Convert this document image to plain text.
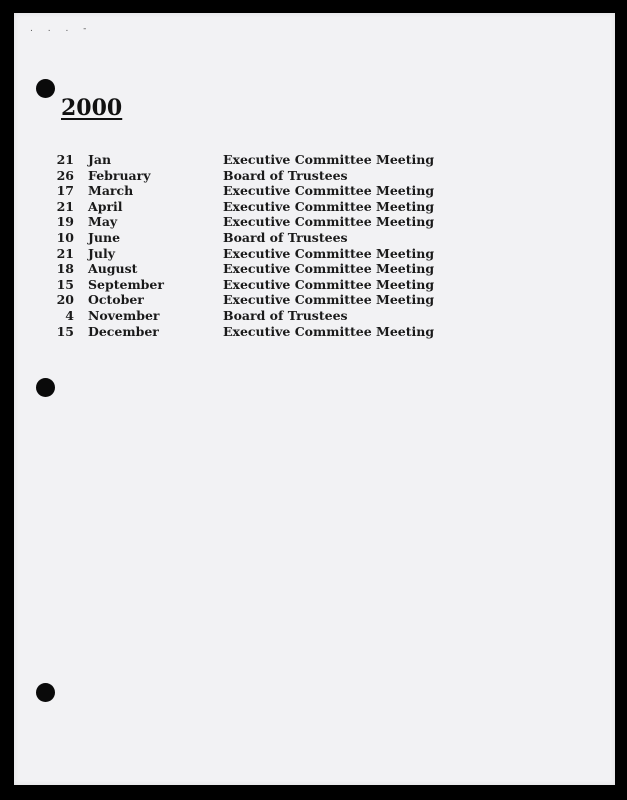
. . . -
2000
21 Jan	Executive Committee Meeting
26 February	Board of Trustees
17 March	Executive Committee Meeting
21 April	Executive Committee Meeting
19 May	Executive Committee Meeting
10 June	Board of Trustees
21 July	Executive Committee Meeting
18 August	Executive Committee Meeting
15 September	Executive Committee Meeting
20 October	Executive Committee Meeting
4 November	Board of Trustees
15 December	Executive Committee Meeting
